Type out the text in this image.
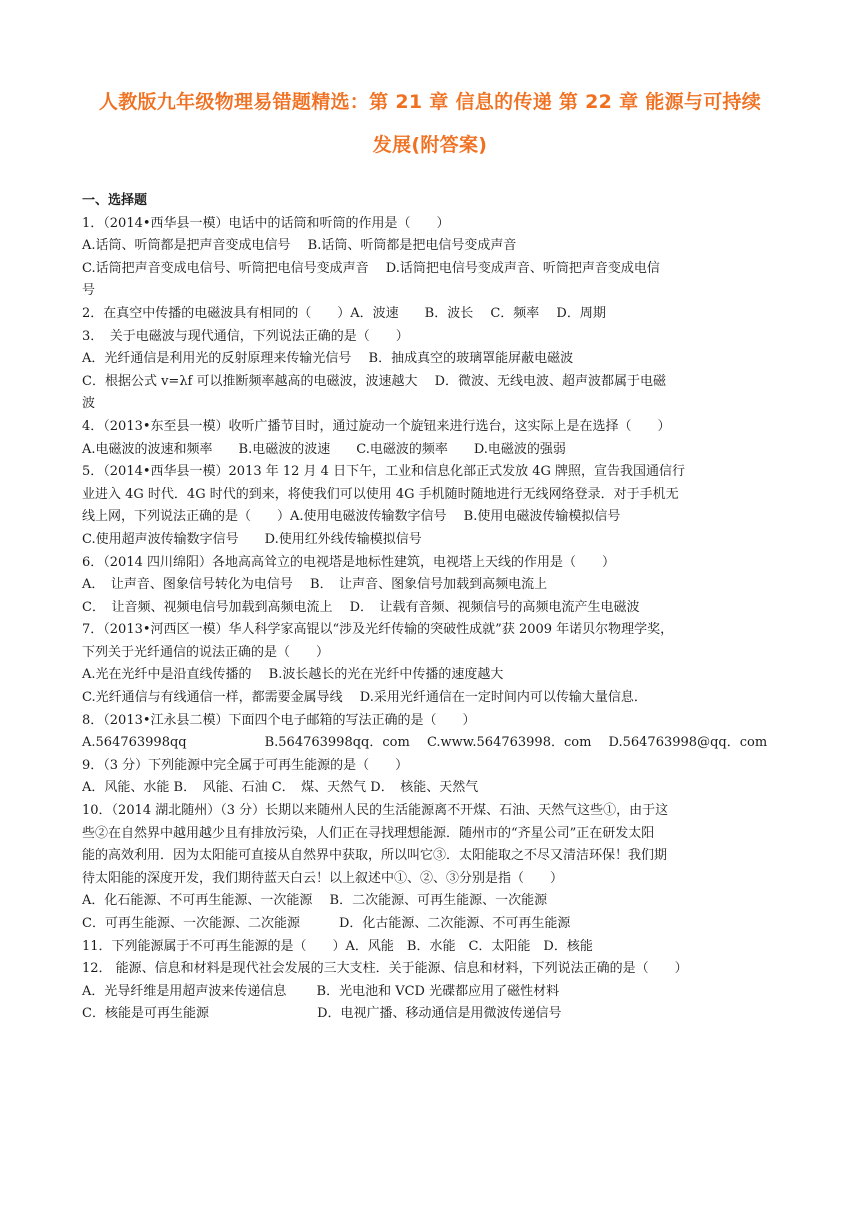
人教版九年级物理易错题精选：第 21 章 信息的传递 第 22 章 能源与可持续
发展(附答案)
一、选择题
1．（2014•西华县一模）电话中的话筒和听筒的作用是（　　）
A.话筒、听筒都是把声音变成电信号　 B.话筒、听筒都是把电信号变成声音
C.话筒把声音变成电信号、听筒把电信号变成声音　 D.话筒把电信号变成声音、听筒把声音变成电信
号
2．在真空中传播的电磁波具有相同的（　　）A．波速　　B．波长　 C．频率　 D．周期
3．　关于电磁波与现代通信，下列说法正确的是（　　）
A．光纤通信是利用光的反射原理来传输光信号　 B．抽成真空的玻璃罩能屏蔽电磁波
C．根据公式 v=λf 可以推断频率越高的电磁波，波速越大　 D．微波、无线电波、超声波都属于电磁
波
4．（2013•东至县一模）收听广播节目时，通过旋动一个旋钮来进行选台，这实际上是在选择（　　）
A.电磁波的波速和频率　　B.电磁波的波速　　C.电磁波的频率　　D.电磁波的强弱
5．（2014•西华县一模）2013 年 12 月 4 日下午，工业和信息化部正式发放 4G 牌照，宣告我国通信行
业进入 4G 时代．4G 时代的到来，将使我们可以使用 4G 手机随时随地进行无线网络登录．对于手机无
线上网，下列说法正确的是（　　）A.使用电磁波传输数字信号　 B.使用电磁波传输模拟信号
C.使用超声波传输数字信号　　D.使用红外线传输模拟信号
6．（2014 四川绵阳）各地高高耸立的电视塔是地标性建筑，电视塔上天线的作用是（　　）
A．　让声音、图象信号转化为电信号　 B．　让声音、图象信号加载到高频电流上
C．　让音频、视频电信号加载到高频电流上　 D．　让载有音频、视频信号的高频电流产生电磁波
7．（2013•河西区一模）华人科学家高锟以“涉及光纤传输的突破性成就”获 2009 年诺贝尔物理学奖，
下列关于光纤通信的说法正确的是（　　）
A.光在光纤中是沿直线传播的　 B.波长越长的光在光纤中传播的速度越大
C.光纤通信与有线通信一样，都需要金属导线　 D.采用光纤通信在一定时间内可以传输大量信息．
8．（2013•江永县二模）下面四个电子邮箱的写法正确的是（　　）
A.564763998qq　　　　　　B.564763998qq．com　 C.www.564763998．com　 D.564763998@qq．com
9．（3 分）下列能源中完全属于可再生能源的是（　　）
A．风能、水能 B．　风能、石油 C．　煤、天然气 D．　核能、天然气
10．（2014 湖北随州）（3 分）长期以来随州人民的生活能源离不开煤、石油、天然气这些①，由于这
些②在自然界中越用越少且有排放污染，人们正在寻找理想能源．随州市的“齐星公司”正在研发太阳
能的高效利用．因为太阳能可直接从自然界中获取，所以叫它③．太阳能取之不尽又清洁环保！我们期
待太阳能的深度开发，我们期待蓝天白云！以上叙述中①、②、③分别是指（　　）
A．化石能源、不可再生能源、一次能源　 B．二次能源、可再生能源、一次能源
C．可再生能源、一次能源、二次能源　　　D．化古能源、二次能源、不可再生能源
11．下列能源属于不可再生能源的是（　　）A．风能　B．水能　C．太阳能　D．核能
12． 能源、信息和材料是现代社会发展的三大支柱．关于能源、信息和材料，下列说法正确的是（　　）
A．光导纤维是用超声波来传递信息　　 B．光电池和 VCD 光碟都应用了磁性材料
C．核能是可再生能源　　　　　　　　 D．电视广播、移动通信是用微波传递信号
